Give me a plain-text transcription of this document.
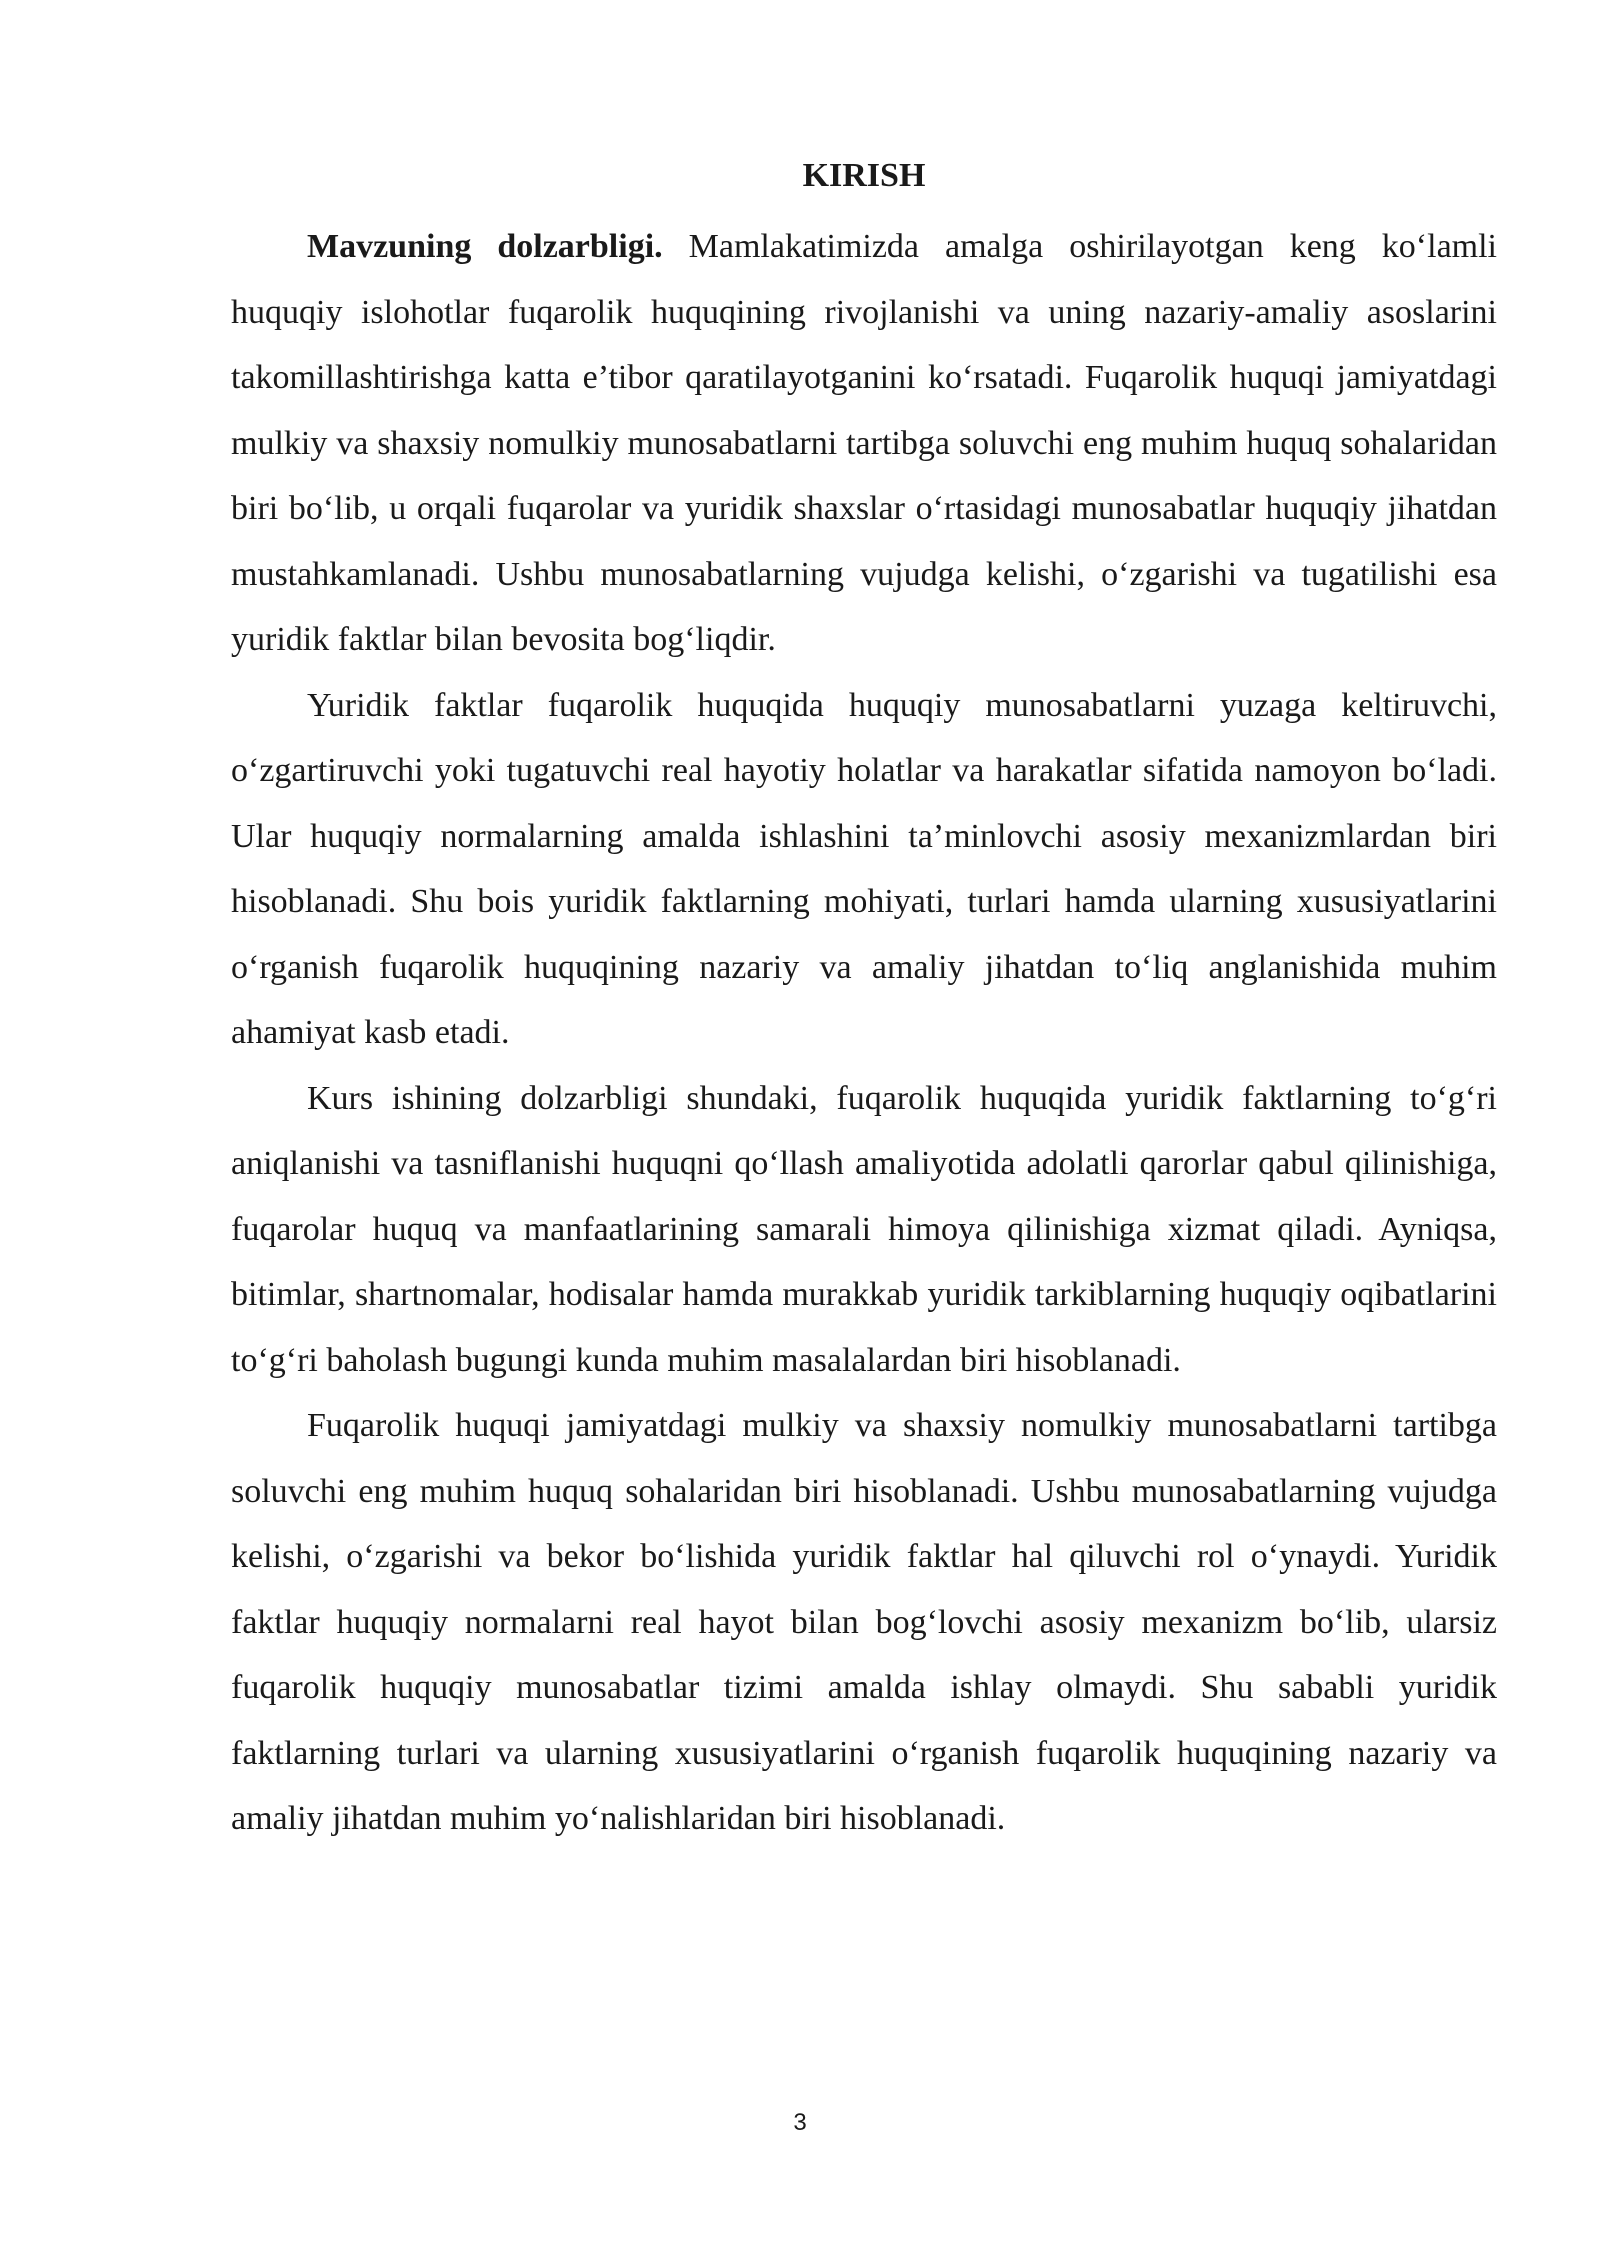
KIRISH

Mavzuning dolzarbligi. Mamlakatimizda amalga oshirilayotgan keng ko‘lamli huquqiy islohotlar fuqarolik huquqining rivojlanishi va uning nazariy-amaliy asoslarini takomillashtirishga katta e’tibor qaratilayotganini ko‘rsatadi. Fuqarolik huquqi jamiyatdagi mulkiy va shaxsiy nomulkiy munosabatlarni tartibga soluvchi eng muhim huquq sohalaridan biri bo‘lib, u orqali fuqarolar va yuridik shaxslar o‘rtasidagi munosabatlar huquqiy jihatdan mustahkamlanadi. Ushbu munosabatlarning vujudga kelishi, o‘zgarishi va tugatilishi esa yuridik faktlar bilan bevosita bog‘liqdir.

Yuridik faktlar fuqarolik huquqida huquqiy munosabatlarni yuzaga keltiruvchi, o‘zgartiruvchi yoki tugatuvchi real hayotiy holatlar va harakatlar sifatida namoyon bo‘ladi. Ular huquqiy normalarning amalda ishlashini ta’minlovchi asosiy mexanizmlardan biri hisoblanadi. Shu bois yuridik faktlarning mohiyati, turlari hamda ularning xususiyatlarini o‘rganish fuqarolik huquqining nazariy va amaliy jihatdan to‘liq anglanishida muhim ahamiyat kasb etadi.

Kurs ishining dolzarbligi shundaki, fuqarolik huquqida yuridik faktlarning to‘g‘ri aniqlanishi va tasniflanishi huquqni qo‘llash amaliyotida adolatli qarorlar qabul qilinishiga, fuqarolar huquq va manfaatlarining samarali himoya qilinishiga xizmat qiladi. Ayniqsa, bitimlar, shartnomalar, hodisalar hamda murakkab yuridik tarkiblarning huquqiy oqibatlarini to‘g‘ri baholash bugungi kunda muhim masalalardan biri hisoblanadi.

Fuqarolik huquqi jamiyatdagi mulkiy va shaxsiy nomulkiy munosabatlarni tartibga soluvchi eng muhim huquq sohalaridan biri hisoblanadi. Ushbu munosabatlarning vujudga kelishi, o‘zgarishi va bekor bo‘lishida yuridik faktlar hal qiluvchi rol o‘ynaydi. Yuridik faktlar huquqiy normalarni real hayot bilan bog‘lovchi asosiy mexanizm bo‘lib, ularsiz fuqarolik huquqiy munosabatlar tizimi amalda ishlay olmaydi. Shu sababli yuridik faktlarning turlari va ularning xususiyatlarini o‘rganish fuqarolik huquqining nazariy va amaliy jihatdan muhim yo‘nalishlaridan biri hisoblanadi.

3
